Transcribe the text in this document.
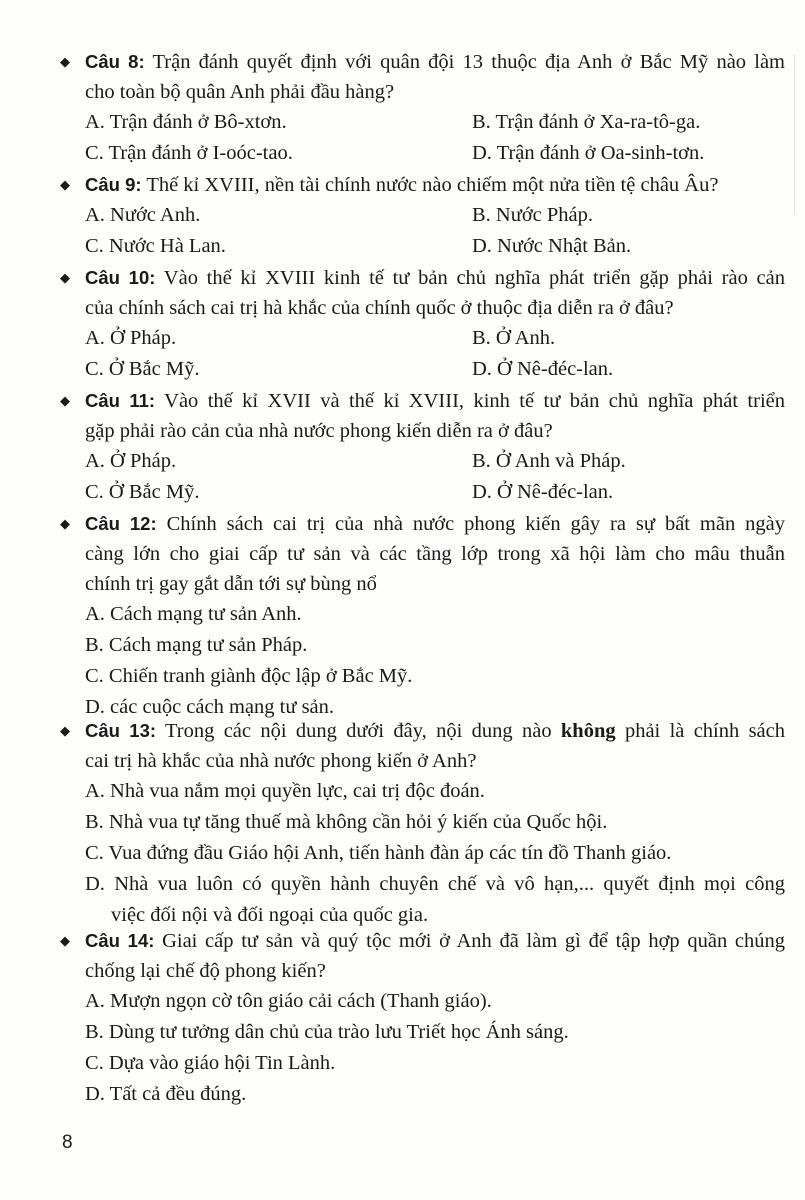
◆ Câu 8: Trận đánh quyết định với quân đội 13 thuộc địa Anh ở Bắc Mỹ nào làm
cho toàn bộ quân Anh phải đầu hàng?
A. Trận đánh ở Bô-xtơn.	B. Trận đánh ở Xa-ra-tô-ga.
C. Trận đánh ở I-oóc-tao.	D. Trận đánh ở Oa-sinh-tơn.
◆ Câu 9: Thế kỉ XVIII, nền tài chính nước nào chiếm một nửa tiền tệ châu Âu?
A. Nước Anh.	B. Nước Pháp.
C. Nước Hà Lan.	D. Nước Nhật Bản.
◆ Câu 10: Vào thế kỉ XVIII kinh tế tư bản chủ nghĩa phát triển gặp phải rào cản
của chính sách cai trị hà khắc của chính quốc ở thuộc địa diễn ra ở đâu?
A. Ở Pháp.	B. Ở Anh.
C. Ở Bắc Mỹ.	D. Ở Nê-đéc-lan.
◆ Câu 11: Vào thế kỉ XVII và thế kỉ XVIII, kinh tế tư bản chủ nghĩa phát triển
gặp phải rào cản của nhà nước phong kiến diễn ra ở đâu?
A. Ở Pháp.	B. Ở Anh và Pháp.
C. Ở Bắc Mỹ.	D. Ở Nê-đéc-lan.
◆ Câu 12: Chính sách cai trị của nhà nước phong kiến gây ra sự bất mãn ngày
càng lớn cho giai cấp tư sản và các tầng lớp trong xã hội làm cho mâu thuẫn
chính trị gay gắt dẫn tới sự bùng nổ
A. Cách mạng tư sản Anh.
B. Cách mạng tư sản Pháp.
C. Chiến tranh giành độc lập ở Bắc Mỹ.
D. các cuộc cách mạng tư sản.
◆ Câu 13: Trong các nội dung dưới đây, nội dung nào không phải là chính sách
cai trị hà khắc của nhà nước phong kiến ở Anh?
A. Nhà vua nắm mọi quyền lực, cai trị độc đoán.
B. Nhà vua tự tăng thuế mà không cần hỏi ý kiến của Quốc hội.
C. Vua đứng đầu Giáo hội Anh, tiến hành đàn áp các tín đồ Thanh giáo.
D. Nhà vua luôn có quyền hành chuyên chế và vô hạn,... quyết định mọi công
việc đối nội và đối ngoại của quốc gia.
◆ Câu 14: Giai cấp tư sản và quý tộc mới ở Anh đã làm gì để tập hợp quần chúng
chống lại chế độ phong kiến?
A. Mượn ngọn cờ tôn giáo cải cách (Thanh giáo).
B. Dùng tư tưởng dân chủ của trào lưu Triết học Ánh sáng.
C. Dựa vào giáo hội Tin Lành.
D. Tất cả đều đúng.
8
